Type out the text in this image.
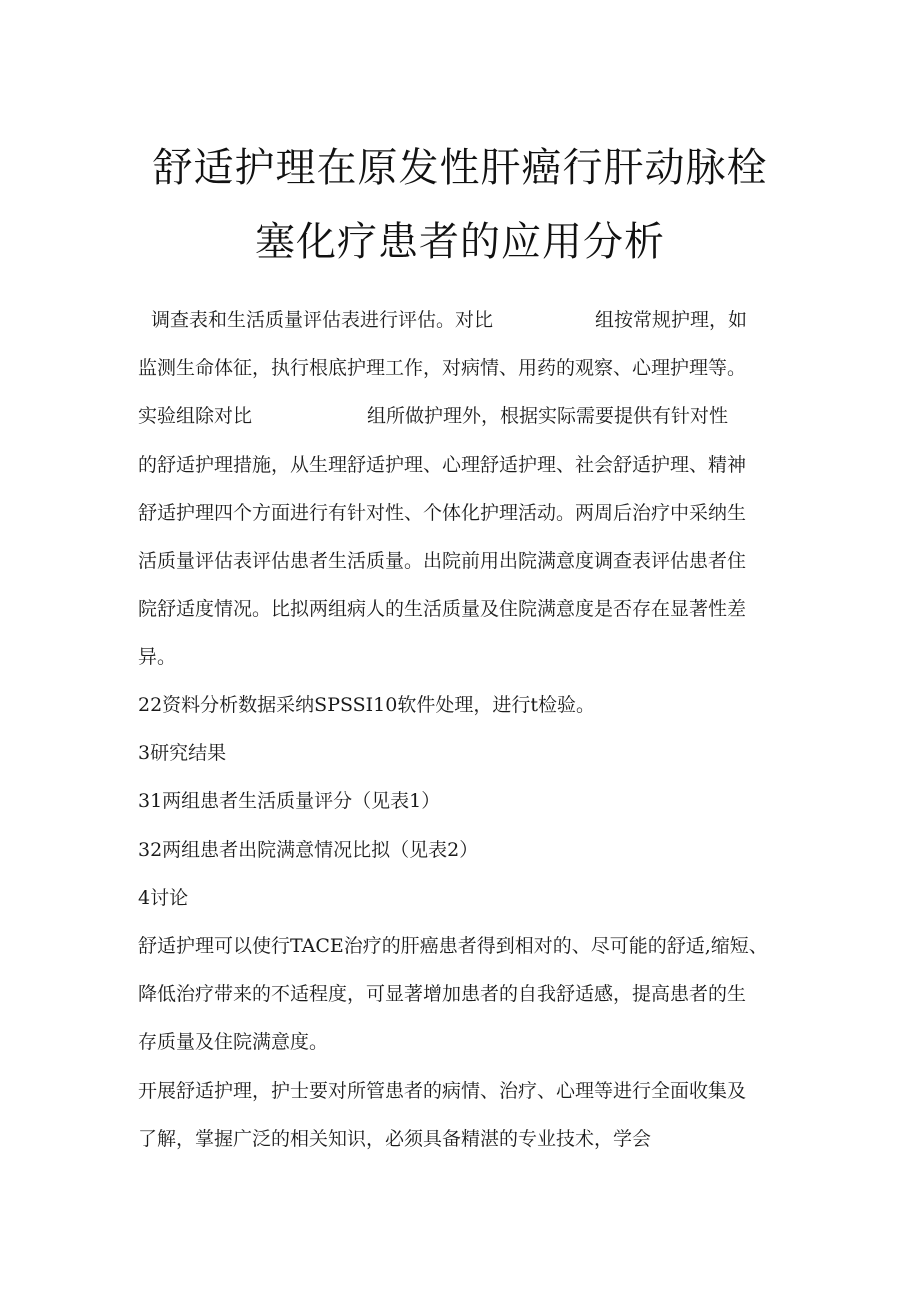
舒适护理在原发性肝癌行肝动脉栓
塞化疗患者的应用分析
调查表和生活质量评估表进行评估。对比	组按常规护理，如
监测生命体征，执行根底护理工作，对病情、用药的观察、心理护理等。
实验组除对比	组所做护理外，根据实际需要提供有针对性
的舒适护理措施，从生理舒适护理、心理舒适护理、社会舒适护理、精神
舒适护理四个方面进行有针对性、个体化护理活动。两周后治疗中采纳生
活质量评估表评估患者生活质量。出院前用出院满意度调查表评估患者住
院舒适度情况。比拟两组病人的生活质量及住院满意度是否存在显著性差
异。
22资料分析数据采纳SPSSI10软件处理，进行t检验。
3研究结果
31两组患者生活质量评分（见表1）
32两组患者出院满意情况比拟（见表2）
4讨论
舒适护理可以使行TACE治疗的肝癌患者得到相对的、尽可能的舒适,缩短、
降低治疗带来的不适程度，可显著增加患者的自我舒适感，提高患者的生
存质量及住院满意度。
开展舒适护理，护士要对所管患者的病情、治疗、心理等进行全面收集及
了解，掌握广泛的相关知识，必须具备精湛的专业技术，学会
